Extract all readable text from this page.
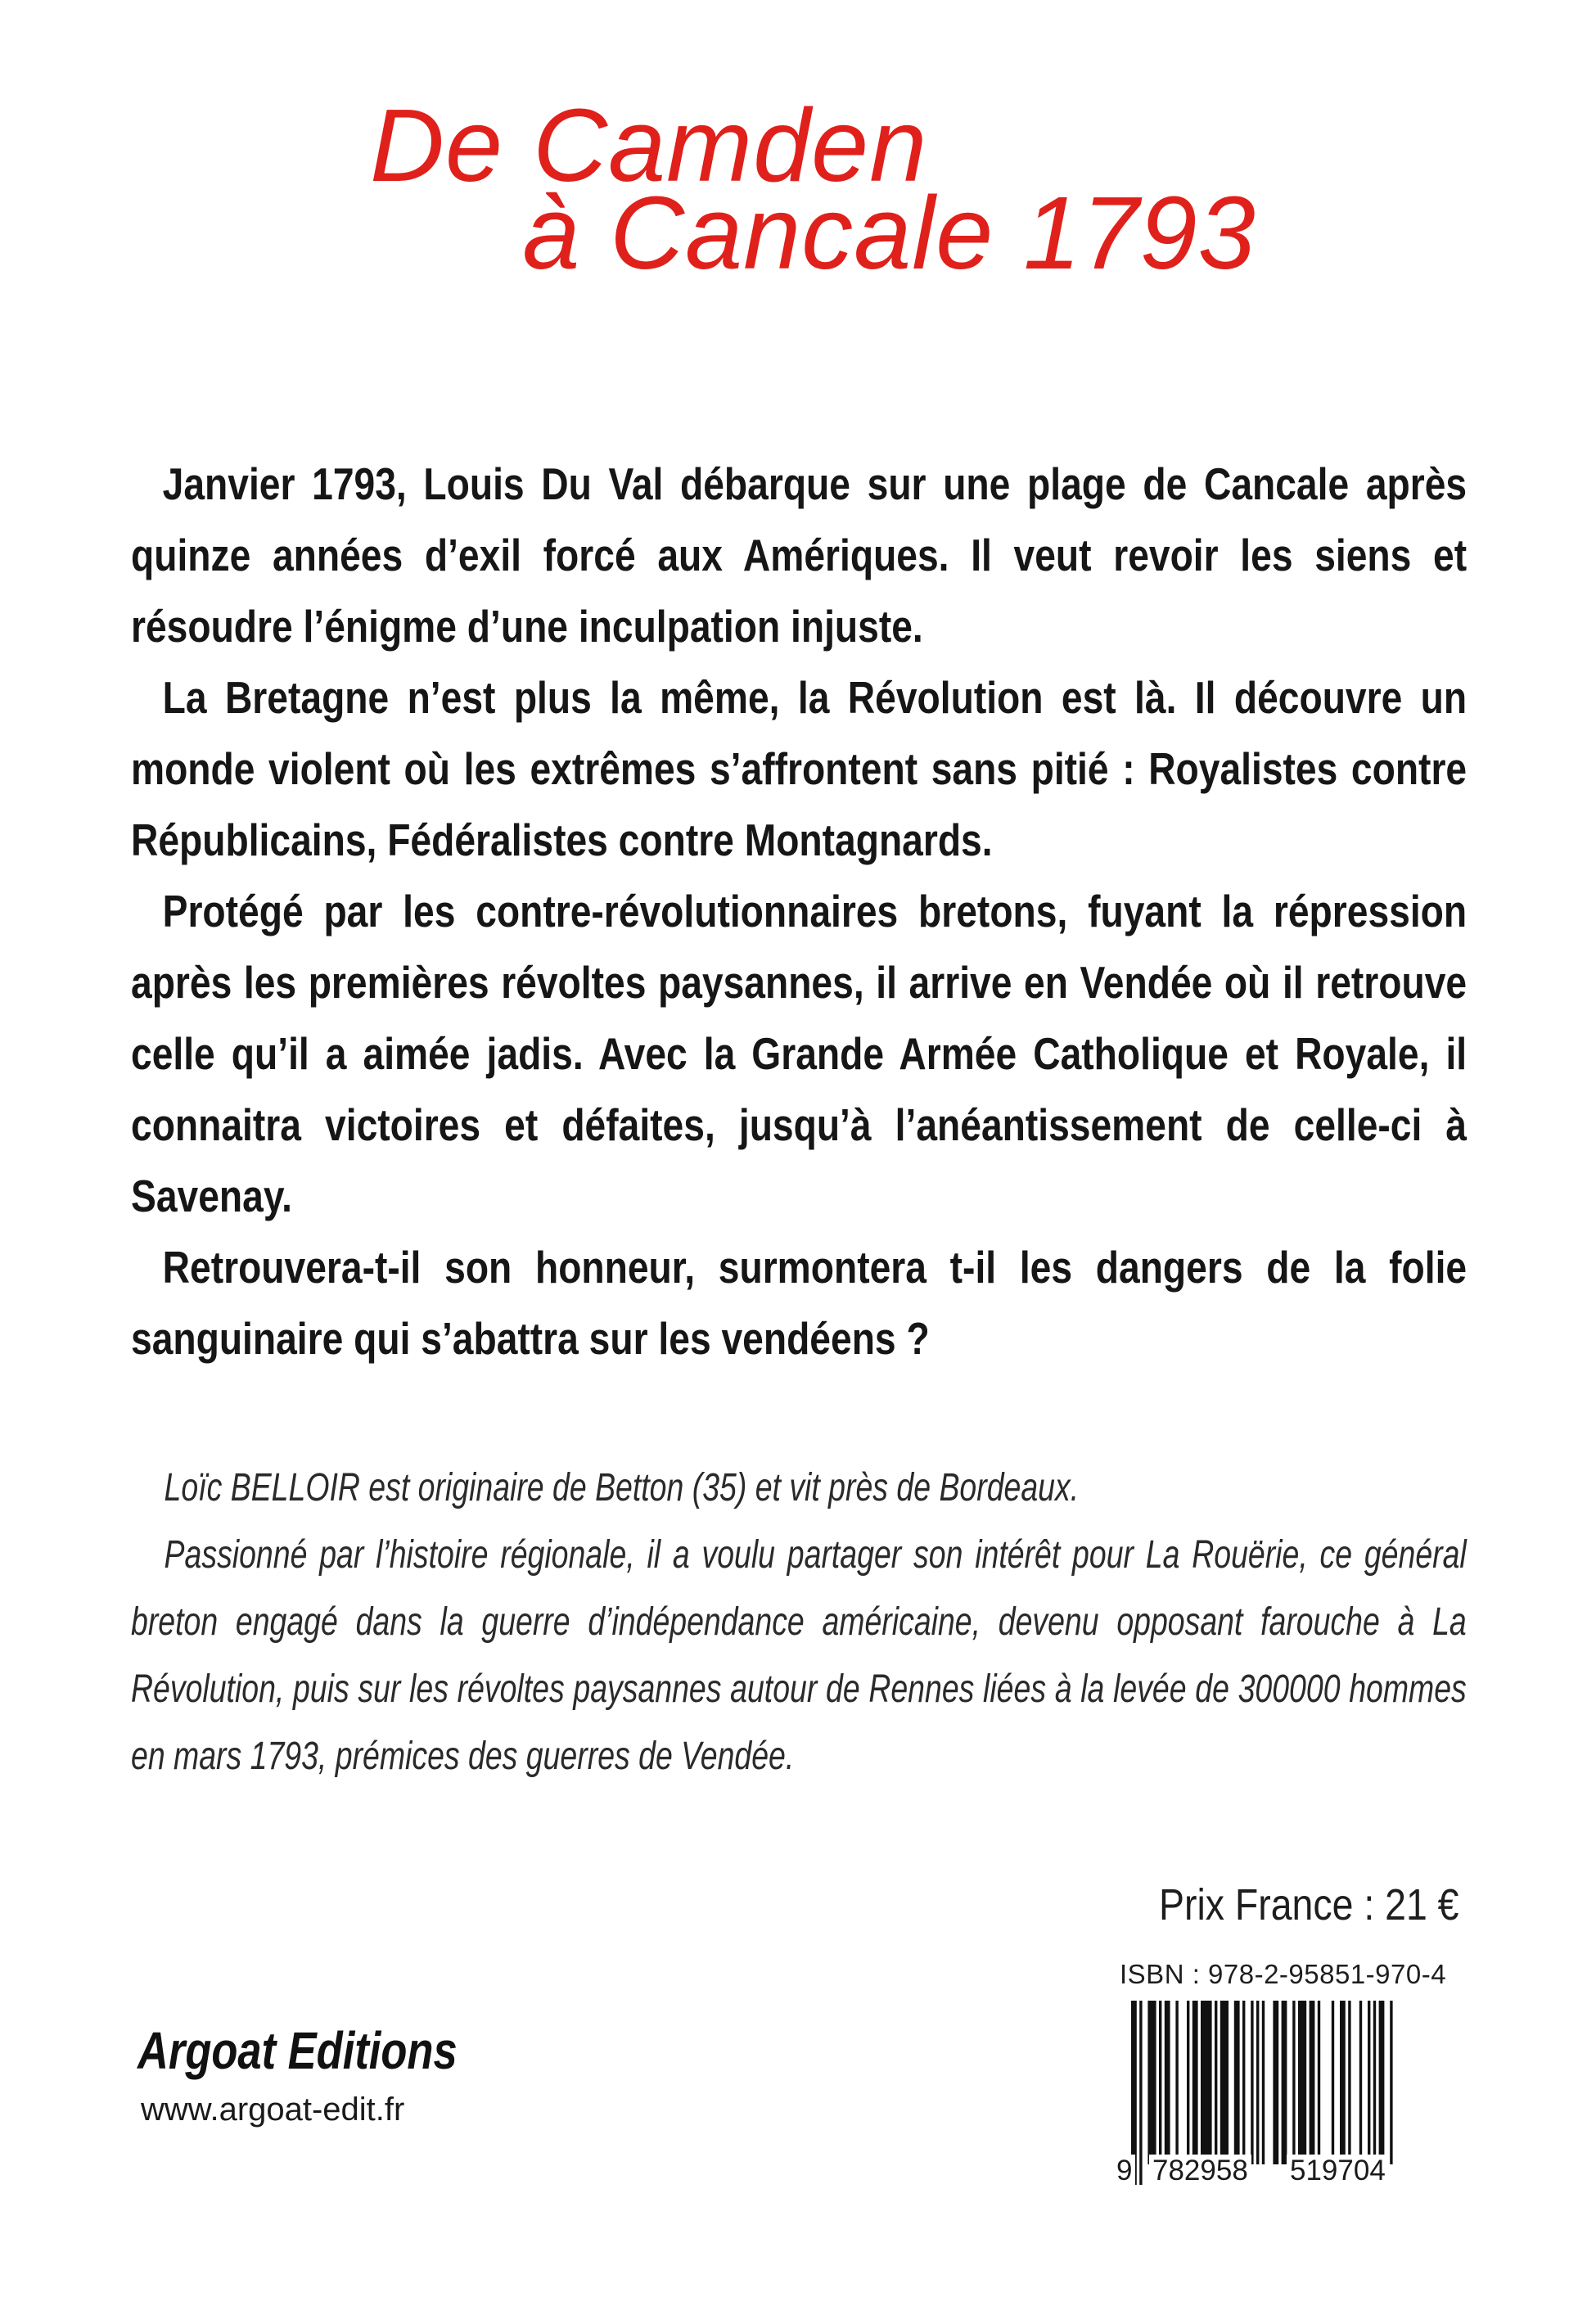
De Camden
à Cancale 1793

Janvier 1793, Louis Du Val débarque sur une plage de Cancale après quinze années d’exil forcé aux Amériques. Il veut revoir les siens et résoudre l’énigme d’une inculpation injuste.

La Bretagne n’est plus la même, la Révolution est là. Il découvre un monde violent où les extrêmes s’affrontent sans pitié : Royalistes contre Républicains, Fédéralistes contre Montagnards.

Protégé par les contre-révolutionnaires bretons, fuyant la répression après les premières révoltes paysannes, il arrive en Vendée où il retrouve celle qu’il a aimée jadis. Avec la Grande Armée Catholique et Royale, il connaitra victoires et défaites, jusqu’à l’anéantissement de celle-ci à Savenay.

Retrouvera-t-il son honneur, surmontera t-il les dangers de la folie sanguinaire qui s’abattra sur les vendéens ?

Loïc BELLOIR est originaire de Betton (35) et vit près de Bordeaux.

Passionné par l’histoire régionale, il a voulu partager son intérêt pour La Rouërie, ce général breton engagé dans la guerre d’indépendance américaine, devenu opposant farouche à La Révolution, puis sur les révoltes paysannes autour de Rennes liées à la levée de 300000 hommes en mars 1793, prémices des guerres de Vendée.

Prix France : 21 €
ISBN : 978-2-95851-970-4
9 782958 519704
Argoat Editions
www.argoat-edit.fr
